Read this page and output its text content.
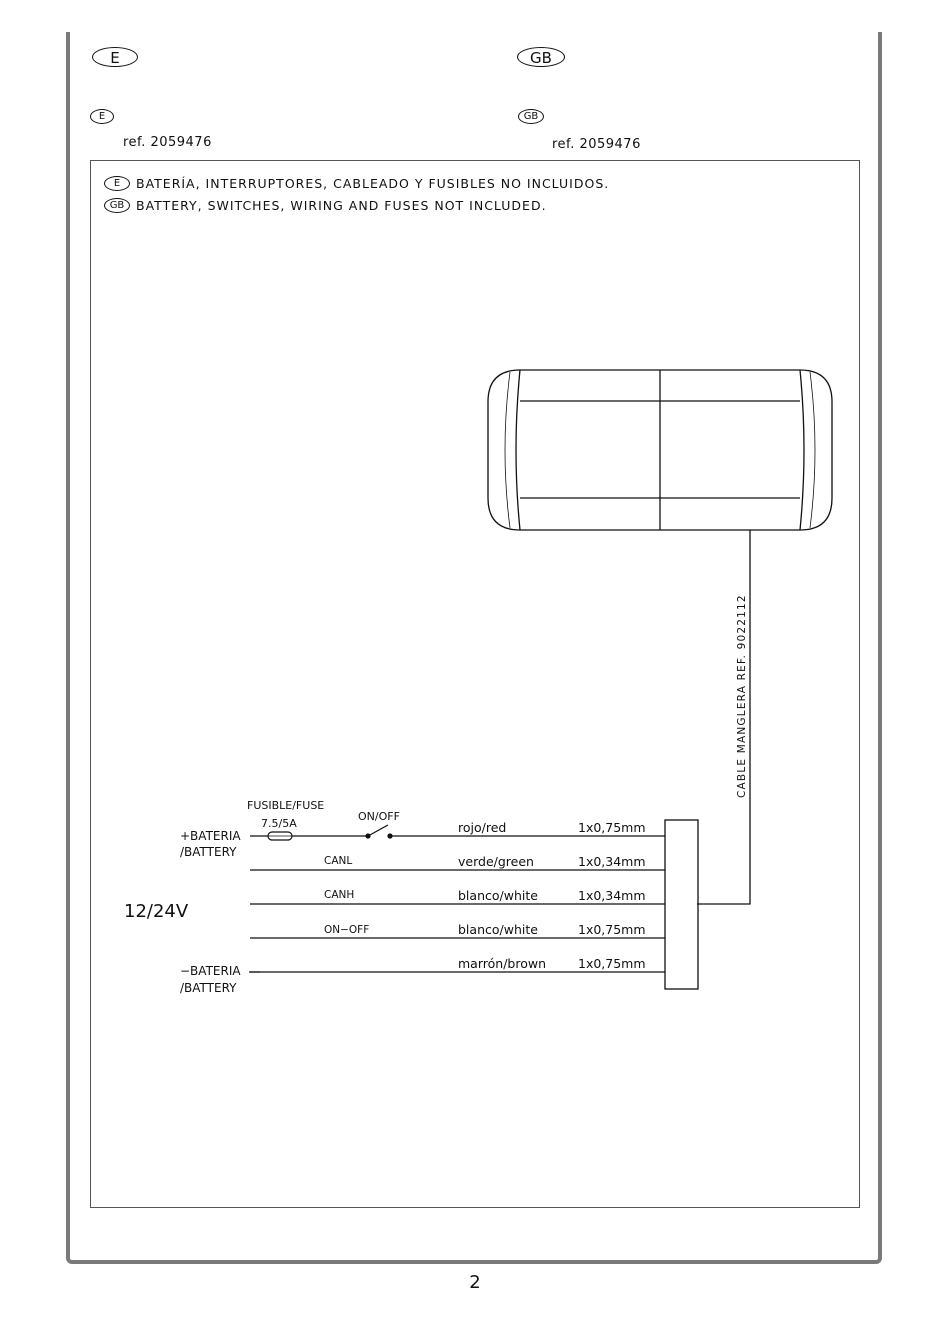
E	GB
E
ref. 2059476
GB
ref. 2059476
E	BATERÍA, INTERRUPTORES, CABLEADO Y FUSIBLES NO INCLUIDOS.
GB BATTERY, SWITCHES, WIRING AND FUSES NOT INCLUDED.
CABLE MANGLERA REF. 9022112
FUSIBLE/FUSE
7.5/5A
ON/OFF
+BATERIA
/BATTERY
12/24V
−BATERIA
/BATTERY
CANL
CANH
ON−OFF
rojo/red	1x0,75mm
verde/green	1x0,34mm
blanco/white	1x0,34mm
blanco/white	1x0,75mm
marrón/brown	1x0,75mm
2
